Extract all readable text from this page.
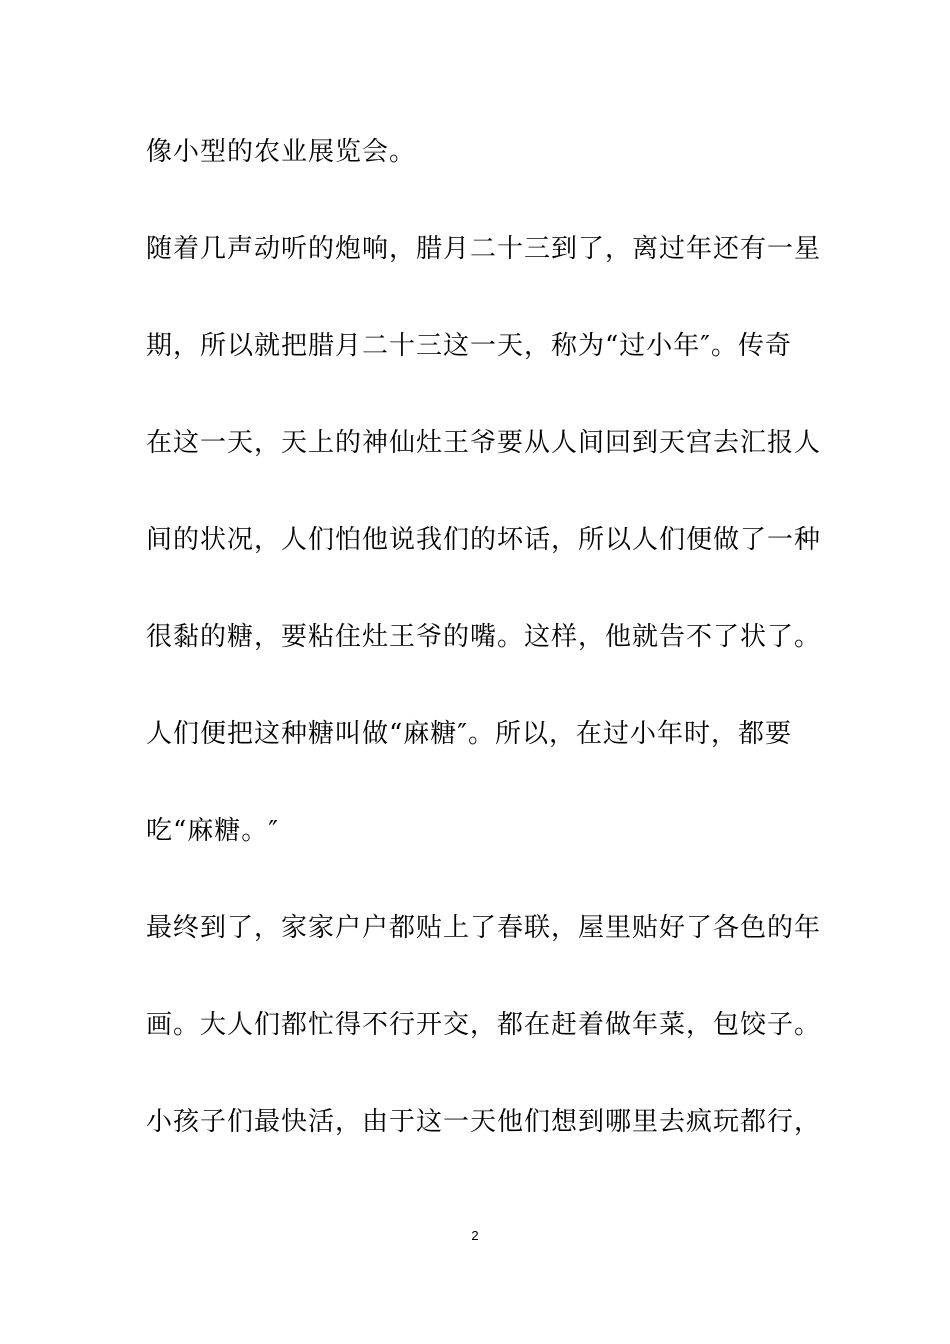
像小型的农业展览会。
随着几声动听的炮响，腊月二十三到了，离过年还有一星
期，所以就把腊月二十三这一天，称为“过小年″。传奇
在这一天，天上的神仙灶王爷要从人间回到天宫去汇报人
间的状况，人们怕他说我们的坏话，所以人们便做了一种
很黏的糖，要粘住灶王爷的嘴。这样，他就告不了状了。
人们便把这种糖叫做“麻糖″。所以，在过小年时，都要
吃“麻糖。″
最终到了，家家户户都贴上了春联，屋里贴好了各色的年
画。大人们都忙得不行开交，都在赶着做年菜，包饺子。
小孩子们最快活，由于这一天他们想到哪里去疯玩都行，
2
